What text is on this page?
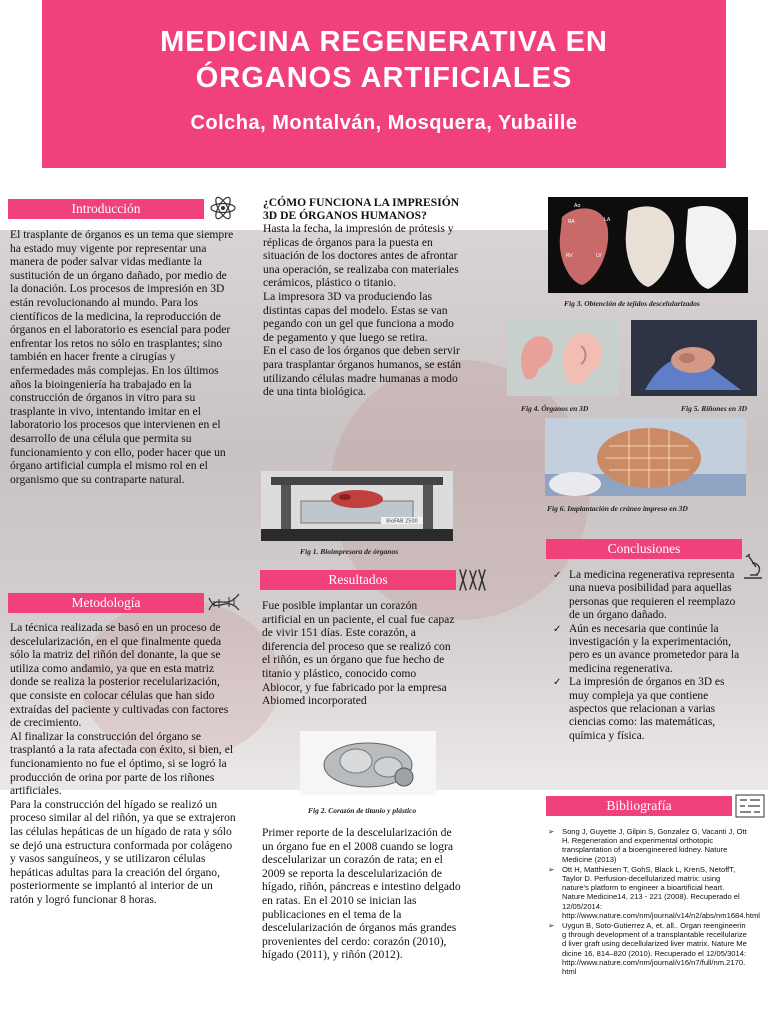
MEDICINA REGENERATIVA EN
ÓRGANOS ARTIFICIALES
Colcha, Montalván, Mosquera, Yubaille
Introducción
El trasplante de órganos es un tema que siempre ha estado muy vigente por representar una manera de poder salvar vidas mediante la sustitución de un órgano dañado, por medio de la donación. Los procesos de impresión en 3D están revolucionando al mundo. Para los científicos de la medicina, la reproducción de órganos en el laboratorio es esencial para poder enfrentar los retos no sólo en trasplantes; sino también en hacer frente a cirugías y enfermedades más complejas. En los últimos años la bioingeniería ha trabajado en la construcción de órganos in vitro para su trasplante in vivo, intentando imitar en el laboratorio los procesos que intervienen en el desarrollo de una célula que permita su funcionamiento y con ello, poder hacer que un órgano artificial cumpla el mismo rol en el organismo que su contraparte natural.
Metodología

La técnica realizada se basó en un proceso de descelularización, en el que finalmente queda sólo la matriz del riñón del donante, la que se utiliza como andamio, ya que en esta matriz donde se realiza la posterior recelularización, que consiste en colocar células que han sido extraídas del paciente y cultivadas con factores de crecimiento.

Al finalizar la construcción del órgano se trasplantó a la rata afectada con éxito, si bien, el funcionamiento no fue el óptimo, si se logró la producción de orina por parte de los riñones artificiales.

Para la construcción del hígado se realizó un proceso similar al del riñón, ya que se extrajeron las células hepáticas de un hígado de rata y sólo se dejó una estructura conformada por colágeno y vasos sanguíneos, y se utilizaron células hepáticas adultas para la creación del órgano, posteriormente se implantó al interior de un ratón y logró funcionar 8 horas.

¿CÓMO FUNCIONA LA IMPRESIÓN 3D DE ÓRGANOS HUMANOS?

Hasta la fecha, la impresión de prótesis y réplicas de órganos para la puesta en situación de los doctores antes de afrontar una operación, se realizaba con materiales cerámicos, plástico o titanio.

La impresora 3D va produciendo las distintas capas del modelo. Estas se van pegando con un gel que funciona a modo de pegamento y que luego se retira.

En el caso de los órganos que deben servir para trasplantar órganos humanos, se están utilizando células madre humanas a modo de una tinta biológica.

BioFAB 2500
Fig 1. Bioimpresora de órganos
Resultados
Fue posible implantar un corazón artificial en un paciente, el cual fue capaz de vivir 151 días. Este corazón, a diferencia del proceso que se realizó con el riñón, es un órgano que fue hecho de titanio y plástico, conocido como Abiocor, y fue fabricado por la empresa Abiomed incorporated
Fig 2. Corazón de titanio y plástico
Primer reporte de la descelularización de un órgano fue en el 2008 cuando se logra descelularizar un corazón de rata; en el 2009 se reporta la descelularización de hígado, riñón, páncreas e intestino delgado en ratas. En el 2010 se inician las publicaciones en el tema de la descelularización de órganos más grandes provenientes del cerdo: corazón (2010), hígado (2011), y riñón (2012).
Ao
RA	LA
RV	LV
Fig 3. Obtención de tejidos descelularizados
Fig 4. Órganos en 3D	Fig 5. Riñones en 3D
Fig 6. Implantación de cráneo impreso en 3D
Conclusiones
✓ La medicina regenerativa representa una nueva posibilidad para aquellas personas que requieren el reemplazo de un órgano dañado.
✓ Aún es necesaria que continúe la investigación y la experimentación, pero es un avance prometedor para la medicina regenerativa.
✓ La impresión de órganos en 3D es muy compleja ya que contiene aspectos que relacionan a varias ciencias como: las matemáticas, química y física.
Bibliografía
➢ Song J, Guyette J, Gilpin S, Gonzalez G, Vacanti J, Ott H. Regeneration and experimental orthotopic transplantation of a bioengineered kidney. Nature Medicine (2013)
➢ Ott H, Matthiesen T, GohS, Black L, KrenS, NetoffT, Taylor D. Perfusion-decellularized matrix: using nature's platform to engineer a bioartificial heart. Nature Medicine14, 213 - 221 (2008). Recuperado el 12/05/2014: http://www.nature.com/nm/journal/v14/n2/abs/nm1684.html
➢ Uygun B, Soto-Gutierrez A, et. all.. Organ reengineering through development of a transplantable recellularized liver graft using decellularized liver matrix. Nature Medicine 16, 814–820 (2010). Recuperado el 12/05/3014: http://www.nature.com/nm/journal/v16/n7/full/nm.2170.html
